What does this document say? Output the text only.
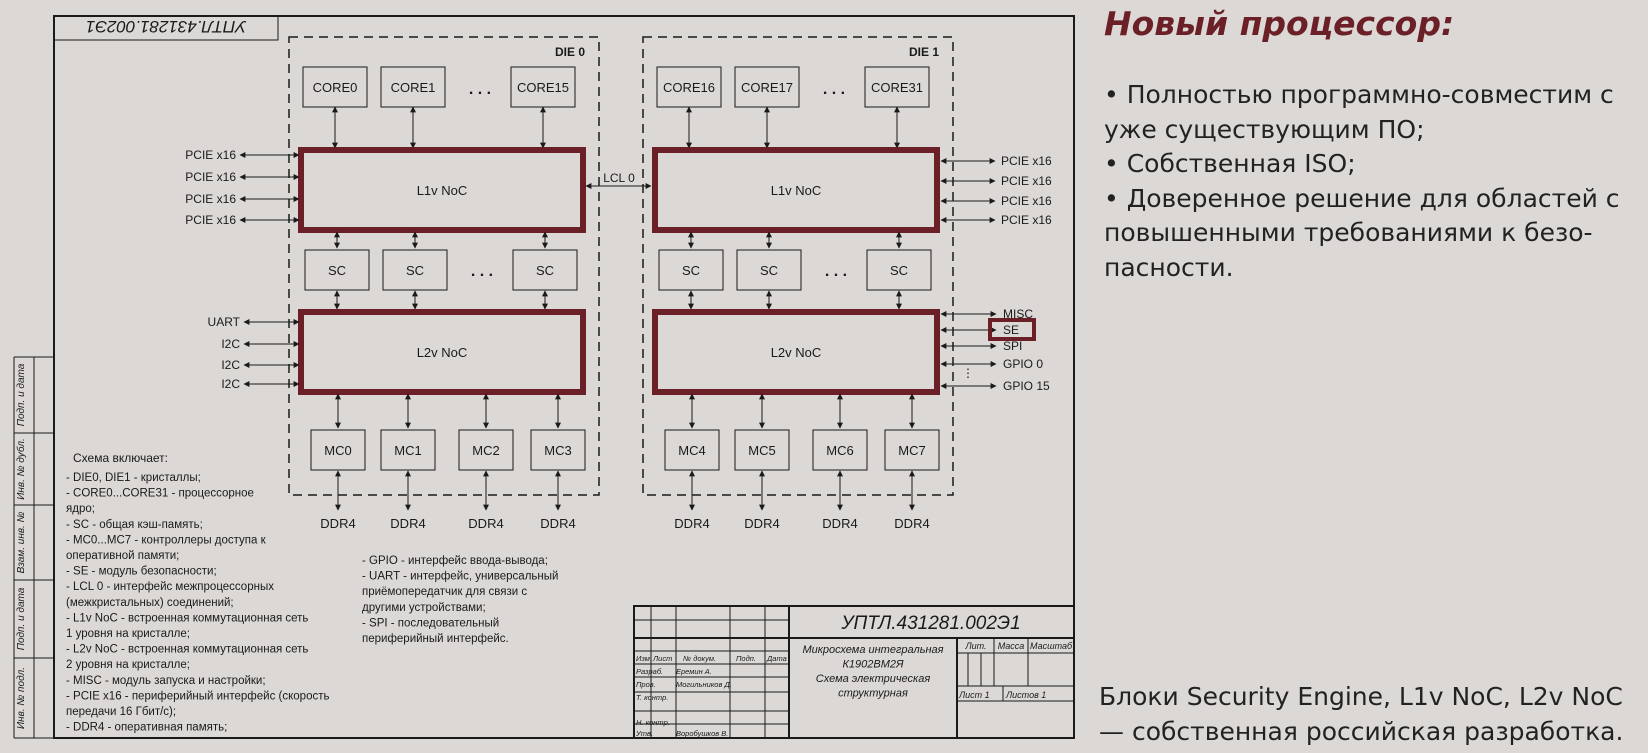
УПТЛ.431281.002Э1
Подп. и дата
Инв. № дубл.
Взам. инв. №
Подп. и дата
Инв. № подл.
DIE 0
CORE0	CORE1	CORE15
. . .
L1v NoC
SC	SC	SC
. . .
L2v NoC
MC0
DDR4
MC1
DDR4
MC2
DDR4
MC3
DDR4
DIE 1
CORE16 CORE17	CORE31
. . .
L1v NoC
SC	SC	SC
. . .
L2v NoC
MC4
DDR4
MC5
DDR4
MC6
DDR4
MC7
DDR4
LCL 0
PCIE x16
PCIE x16
PCIE x16
PCIE x16
UART
I2C
I2C
I2C
PCIE x16
PCIE x16
PCIE x16
PCIE x16
MISC
SE
SPI
GPIO 0
GPIO 15
⋮
Схема включает:
- DIE0, DIE1 - кристаллы;
- CORE0...CORE31 - процессорное
ядро;
- SC - общая кэш-память;
- MC0...MC7 - контроллеры доступа к
оперативной памяти;
- SE - модуль безопасности;
- LCL 0 - интерфейс межпроцессорных
(межкристальных) соединений;
- L1v NoC - встроенная коммутационная сеть
1 уровня на кристалле;
- L2v NoC - встроенная коммутационная сеть
2 уровня на кристалле;
- MISC - модуль запуска и настройки;
- PCIE x16 - периферийный интерфейс (скорость
передачи 16 Гбит/с);
- DDR4 - оперативная память;
- GPIO - интерфейс ввода-вывода;
- UART - интерфейс, универсальный
приёмопередатчик для связи с
другими устройствами;
- SPI - последовательный
периферийный интерфейс.
УПТЛ.431281.002Э1
Микросхема интегральная
К1902ВМ2Я
Схема электрическая
структурная
Лит. Масса Масштаб
Лист 1 Листов 1
Изм. Лист № докум.	Подп. Дата
Разраб. Еремин А.
Пров.	Могильников Д.
Т. контр.
Н. контр.
Утв.	Воробушков В.
Новый процессор:
• Полностью программно-совместим с уже существующим ПО;
• Собственная ISO;
• Доверенное решение для областей с повышенными требованиями к безо-пасности.

Блоки Security Engine, L1v NoC, L2v NoC — собственная российская разработка.
